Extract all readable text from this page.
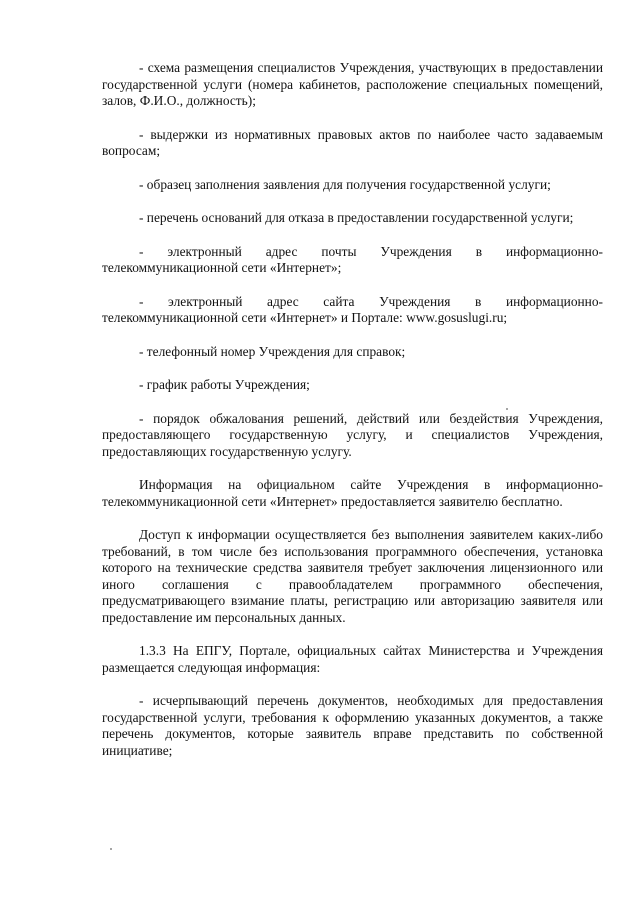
- схема размещения специалистов Учреждения, участвующих в предоставлении государственной услуги (номера кабинетов, расположение специальных помещений, залов, Ф.И.О., должность);

- выдержки из нормативных правовых актов по наиболее часто задаваемым вопросам;

- образец заполнения заявления для получения государственной услуги;

- перечень оснований для отказа в предоставлении государственной услуги;

- электронный адрес почты Учреждения в информационно-телекоммуникационной сети «Интернет»;

- электронный адрес сайта Учреждения в информационно-телекоммуникационной сети «Интернет» и Портале: www.gosuslugi.ru;

- телефонный номер Учреждения для справок;

- график работы Учреждения;

- порядок обжалования решений, действий или бездействия Учреждения, предоставляющего государственную услугу, и специалистов Учреждения, предоставляющих государственную услугу.

Информация на официальном сайте Учреждения в информационно-телекоммуникационной сети «Интернет» предоставляется заявителю бесплатно.

Доступ к информации осуществляется без выполнения заявителем каких-либо требований, в том числе без использования программного обеспечения, установка которого на технические средства заявителя требует заключения лицензионного или иного соглашения с правообладателем программного обеспечения, предусматривающего взимание платы, регистрацию или авторизацию заявителя или предоставление им персональных данных.

1.3.3 На ЕПГУ, Портале, официальных сайтах Министерства и Учреждения размещается следующая информация:

- исчерпывающий перечень документов, необходимых для предоставления государственной услуги, требования к оформлению указанных документов, а также перечень документов, которые заявитель вправе представить по собственной инициативе;
